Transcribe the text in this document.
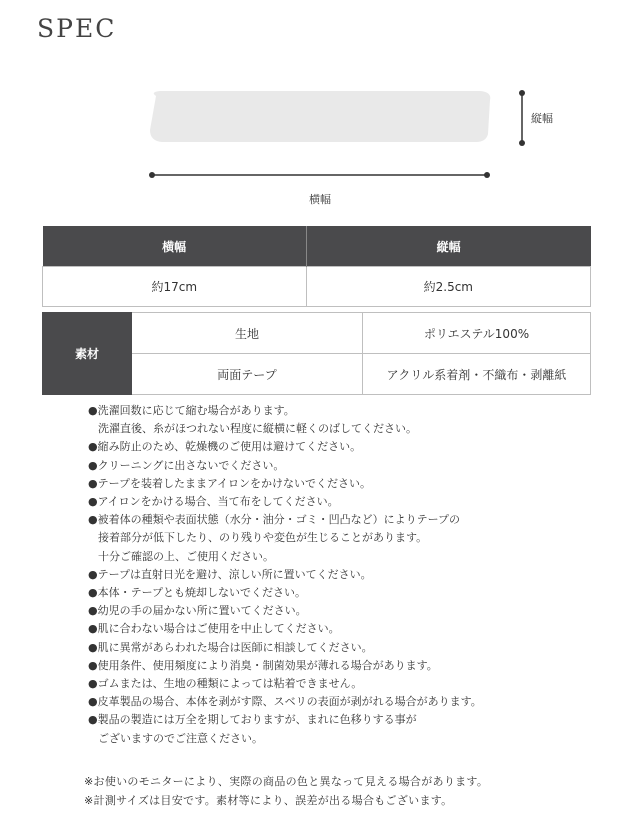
SPEC
縦幅
横幅
横幅	縦幅
約17cm	約2.5cm
素材	生地	ポリエステル100%
	両面テープ	アクリル系着剤・不織布・剥離紙
●洗濯回数に応じて縮む場合があります。
洗濯直後、糸がほつれない程度に縦横に軽くのばしてください。
●縮み防止のため、乾燥機のご使用は避けてください。
●クリーニングに出さないでください。
●テープを装着したままアイロンをかけないでください。
●アイロンをかける場合、当て布をしてください。
●被着体の種類や表面状態（水分・油分・ゴミ・凹凸など）によりテープの
接着部分が低下したり、のり残りや変色が生じることがあります。
十分ご確認の上、ご使用ください。
●テープは直射日光を避け、涼しい所に置いてください。
●本体・テープとも焼却しないでください。
●幼児の手の届かない所に置いてください。
●肌に合わない場合はご使用を中止してください。
●肌に異常があらわれた場合は医師に相談してください。
●使用条件、使用頻度により消臭・制菌効果が薄れる場合があります。
●ゴムまたは、生地の種類によっては粘着できません。
●皮革製品の場合、本体を剥がす際、スベリの表面が剥がれる場合があります。
●製品の製造には万全を期しておりますが、まれに色移りする事が
ございますのでご注意ください。
※お使いのモニターにより、実際の商品の色と異なって見える場合があります。
※計測サイズは目安です。素材等により、誤差が出る場合もございます。
